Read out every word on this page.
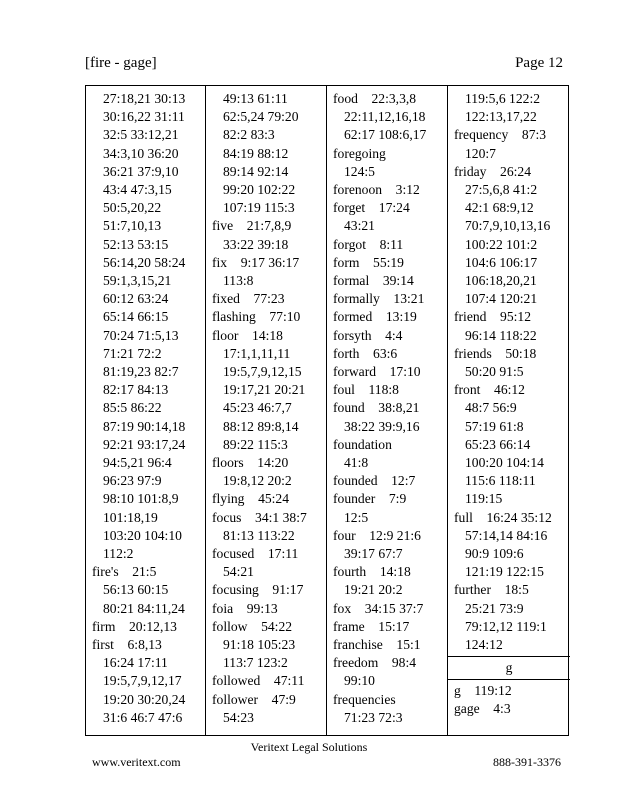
[fire - gage]	Page 12
27:18,21 30:13
30:16,22 31:11
32:5 33:12,21
34:3,10 36:20
36:21 37:9,10
43:4 47:3,15
50:5,20,22
51:7,10,13
52:13 53:15
56:14,20 58:24
59:1,3,15,21
60:12 63:24
65:14 66:15
70:24 71:5,13
71:21 72:2
81:19,23 82:7
82:17 84:13
85:5 86:22
87:19 90:14,18
92:21 93:17,24
94:5,21 96:4
96:23 97:9
98:10 101:8,9
101:18,19
103:20 104:10
112:2
fire's    21:5
56:13 60:15
80:21 84:11,24
firm    20:12,13
first    6:8,13
16:24 17:11
19:5,7,9,12,17
19:20 30:20,24
31:6 46:7 47:6
49:13 61:11
62:5,24 79:20
82:2 83:3
84:19 88:12
89:14 92:14
99:20 102:22
107:19 115:3
five    21:7,8,9
33:22 39:18
fix    9:17 36:17
113:8
fixed    77:23
flashing    77:10
floor    14:18
17:1,1,11,11
19:5,7,9,12,15
19:17,21 20:21
45:23 46:7,7
88:12 89:8,14
89:22 115:3
floors    14:20
19:8,12 20:2
flying    45:24
focus    34:1 38:7
81:13 113:22
focused    17:11
54:21
focusing    91:17
foia    99:13
follow    54:22
91:18 105:23
113:7 123:2
followed    47:11
follower    47:9
54:23
food    22:3,3,8
22:11,12,16,18
62:17 108:6,17
foregoing
124:5
forenoon    3:12
forget    17:24
43:21
forgot    8:11
form    55:19
formal    39:14
formally    13:21
formed    13:19
forsyth    4:4
forth    63:6
forward    17:10
foul    118:8
found    38:8,21
38:22 39:9,16
foundation
41:8
founded    12:7
founder    7:9
12:5
four    12:9 21:6
39:17 67:7
fourth    14:18
19:21 20:2
fox    34:15 37:7
frame    15:17
franchise    15:1
freedom    98:4
99:10
frequencies
71:23 72:3
119:5,6 122:2
122:13,17,22
frequency    87:3
120:7
friday    26:24
27:5,6,8 41:2
42:1 68:9,12
70:7,9,10,13,16
100:22 101:2
104:6 106:17
106:18,20,21
107:4 120:21
friend    95:12
96:14 118:22
friends    50:18
50:20 91:5
front    46:12
48:7 56:9
57:19 61:8
65:23 66:14
100:20 104:14
115:6 118:11
119:15
full    16:24 35:12
57:14,14 84:16
90:9 109:6
121:19 122:15
further    18:5
25:21 73:9
79:12,12 119:1
124:12
g
g    119:12
gage    4:3
Veritext Legal Solutions
www.veritext.com	888-391-3376
